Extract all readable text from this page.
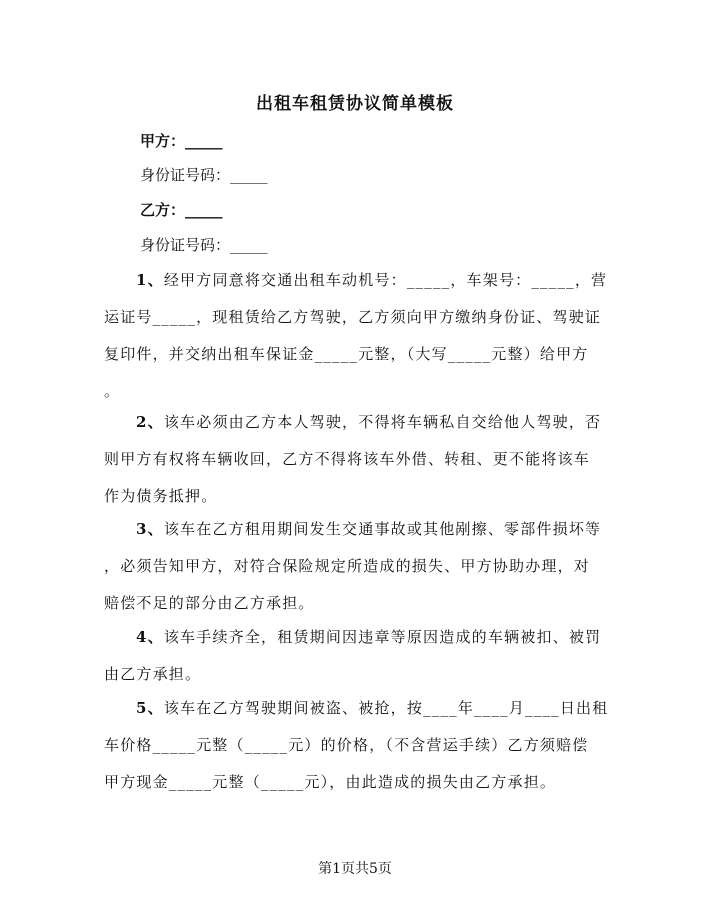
出租车租赁协议简单模板
甲方：_____
身份证号码：_____
乙方：_____
身份证号码：_____
1、经甲方同意将交通出租车动机号：_____，车架号：_____，营
运证号_____，现租赁给乙方驾驶，乙方须向甲方缴纳身份证、驾驶证
复印件，并交纳出租车保证金_____元整，（大写_____元整）给甲方
。
2、该车必须由乙方本人驾驶，不得将车辆私自交给他人驾驶，否
则甲方有权将车辆收回，乙方不得将该车外借、转租、更不能将该车
作为债务抵押。
3、该车在乙方租用期间发生交通事故或其他剐擦、零部件损坏等
，必须告知甲方，对符合保险规定所造成的损失、甲方协助办理，对
赔偿不足的部分由乙方承担。
4、该车手续齐全，租赁期间因违章等原因造成的车辆被扣、被罚
由乙方承担。
5、该车在乙方驾驶期间被盗、被抢，按____年____月____日出租
车价格_____元整（_____元）的价格，（不含营运手续）乙方须赔偿
甲方现金_____元整（_____元），由此造成的损失由乙方承担。
第1页共5页
